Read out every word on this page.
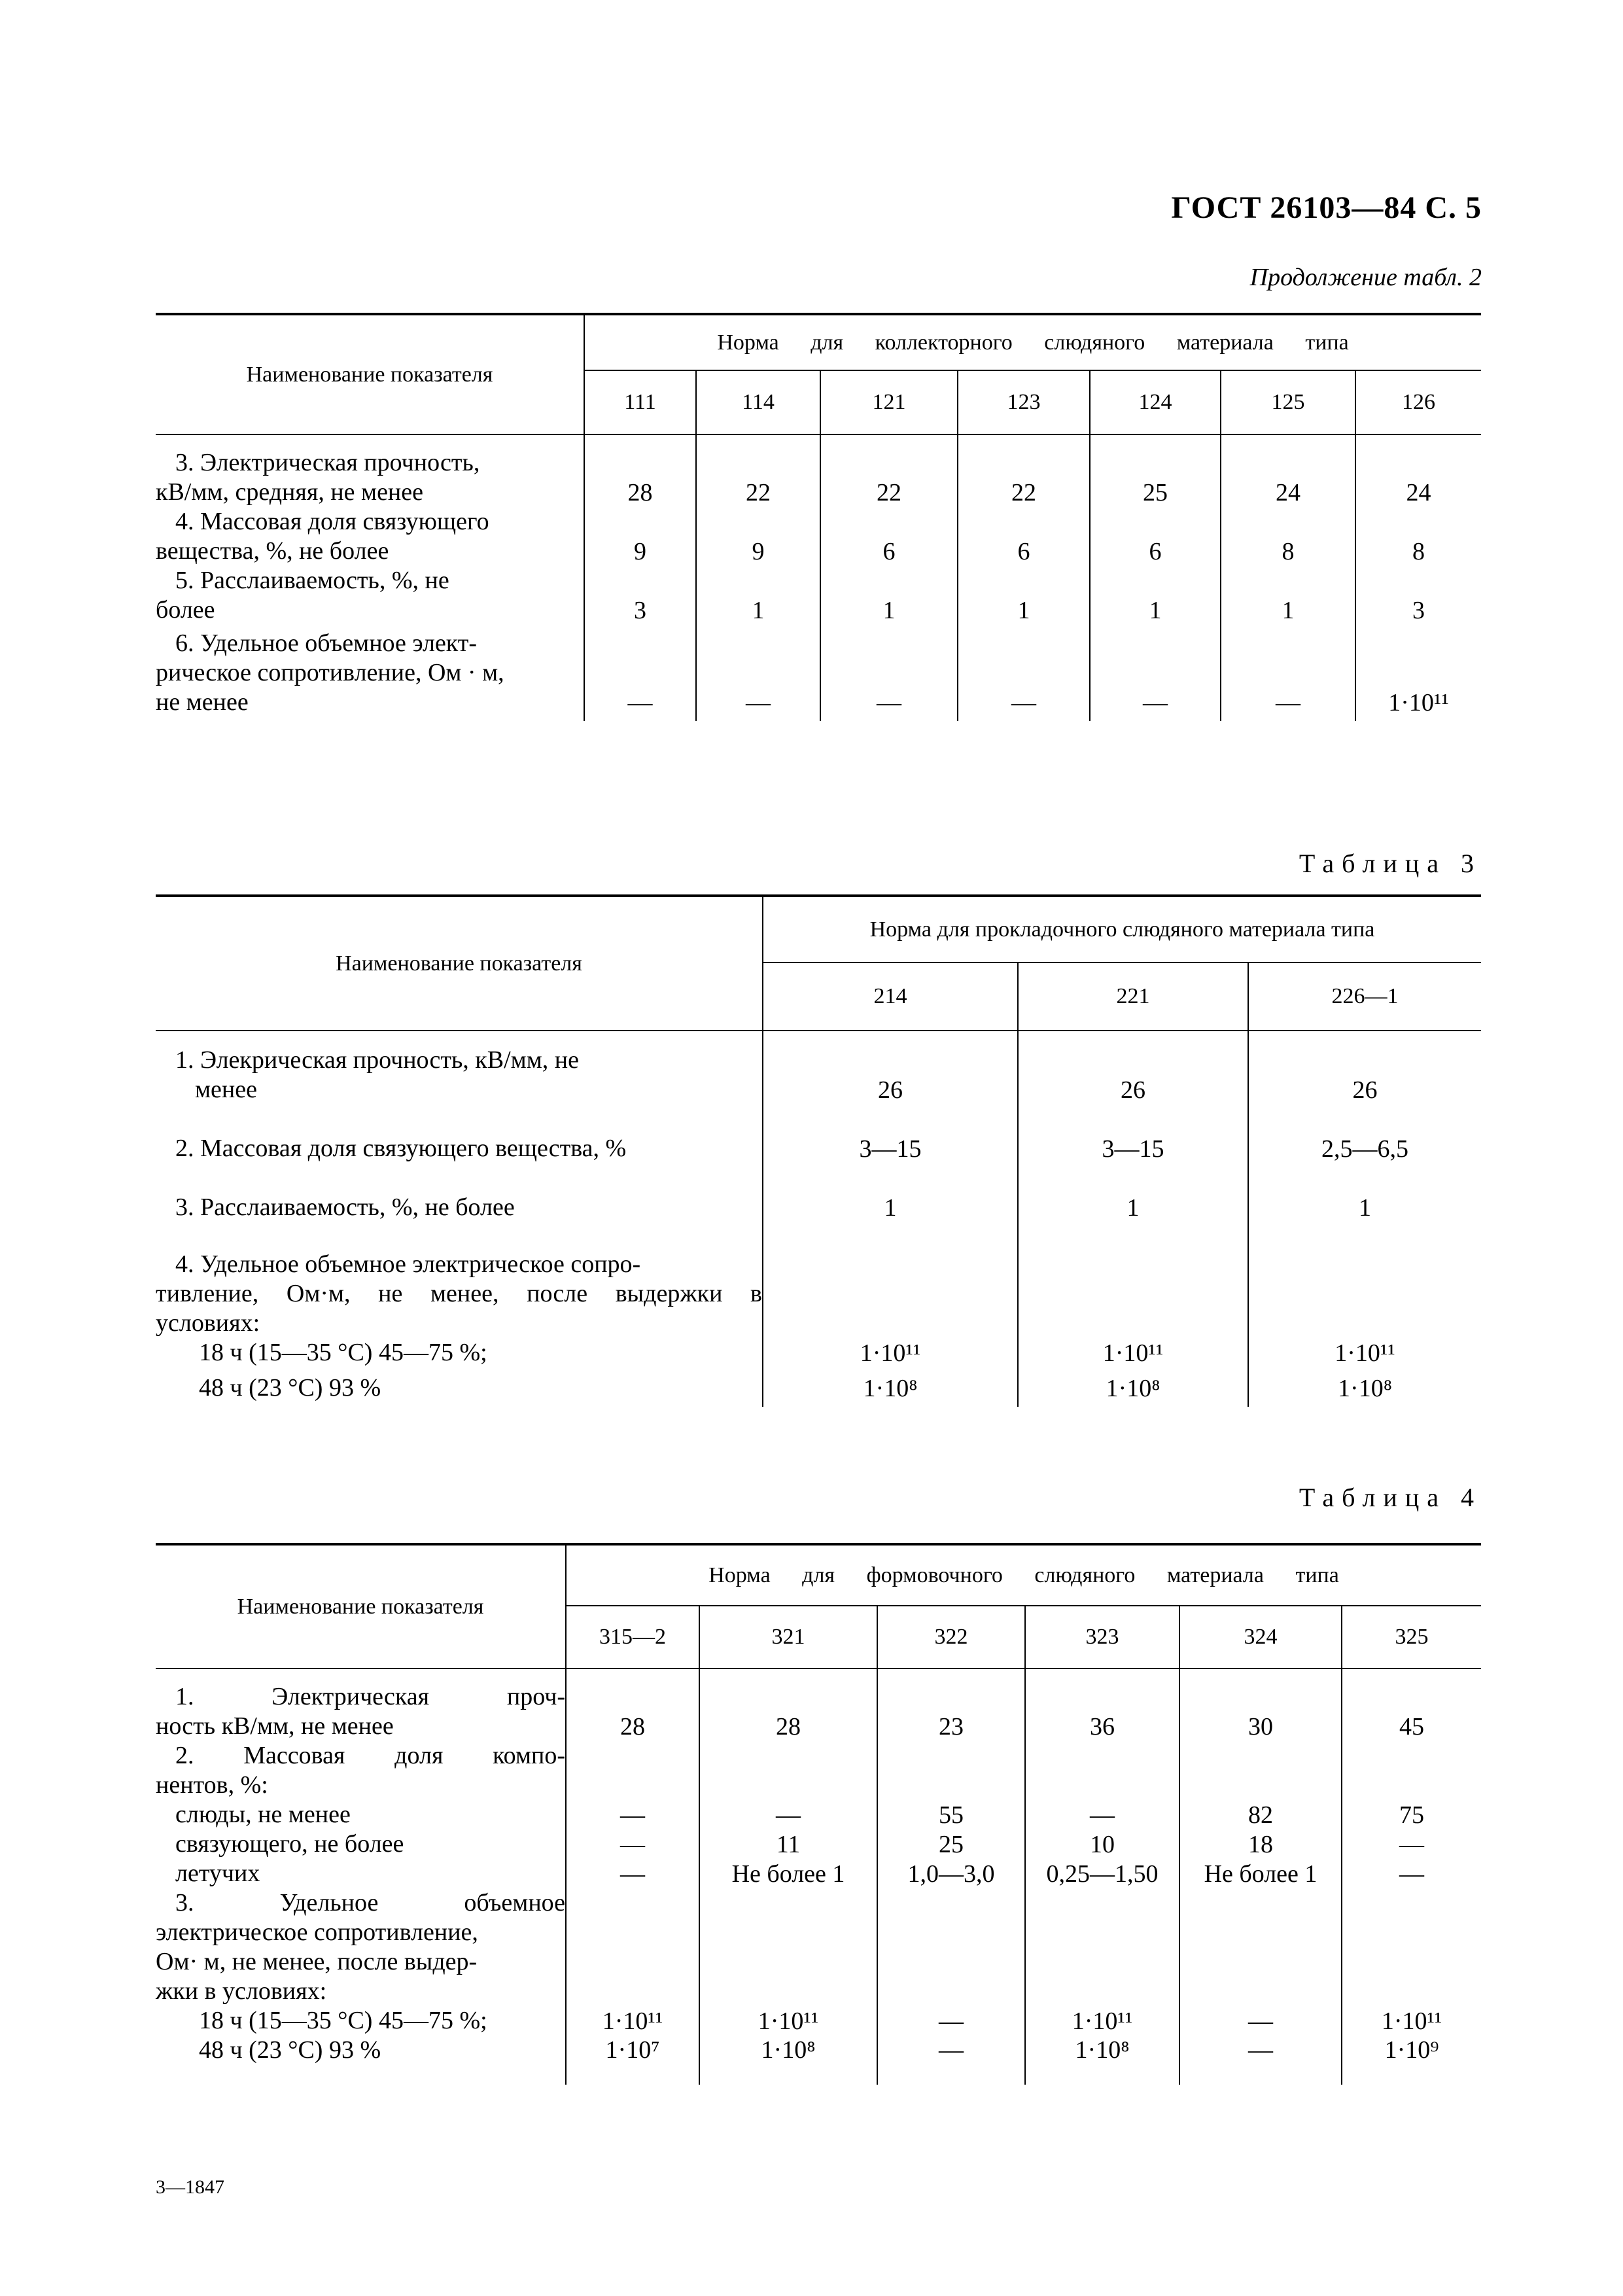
ГОСТ 26103—84 С. 5
Продолжение табл. 2
Наименование показателя	Норма для коллекторного слюдяного материала типа						
	111	114	121	123	124	125	126

3. Электрическая прочность,
кВ/мм, средняя, не менее	28	22	22	22	25	24	24

4. Массовая доля связующего
вещества, %, не более	9	9	6	6	6	8	8

5. Расслаиваемость, %, не
более	3	1	1	1	1	1	3

6. Удельное объемное элект-
рическое сопротивление, Ом · м,
не менее	—	—	—	—	—	—	1·10¹¹
Таблица 3
Наименование показателя	Норма для прокладочного слюдяного материала типа		
	214	221	226—1

1. Элекрическая прочность, кВ/мм, не
менее	26	26	26

2. Массовая доля связующего вещества, %	3—15	3—15	2,5—6,5

3. Расслаиваемость, %, не более	1	1	1

4. Удельное объемное электрическое сопро-
тивление, Ом·м, не менее, после выдержки в
условиях:			

18 ч (15—35 °С) 45—75 %;	1·10¹¹	1·10¹¹	1·10¹¹

48 ч (23 °С) 93 %	1·10⁸	1·10⁸	1·10⁸
Таблица 4
Наименование показателя	Норма для формовочного слюдяного материала типа					
	315—2	321	322	323	324	325

1. Электрическая проч-
ность кВ/мм, не менее	28	28	23	36	30	45

2. Массовая доля компо-
нентов, %:						

слюды, не менее	—	—	55	—	82	75

связующего, не более	—	11	25	10	18	—

летучих	—	Не более 1	1,0—3,0	0,25—1,50	Не более 1	—

3. Удельное объемное
электрическое сопротивление,
Ом· м, не менее, после выдер-
жки в условиях:						

18 ч (15—35 °С) 45—75 %;	1·10¹¹	1·10¹¹	—	1·10¹¹	—	1·10¹¹

48 ч (23 °С) 93 %	1·10⁷	1·10⁸	—	1·10⁸	—	1·10⁹
3—1847
